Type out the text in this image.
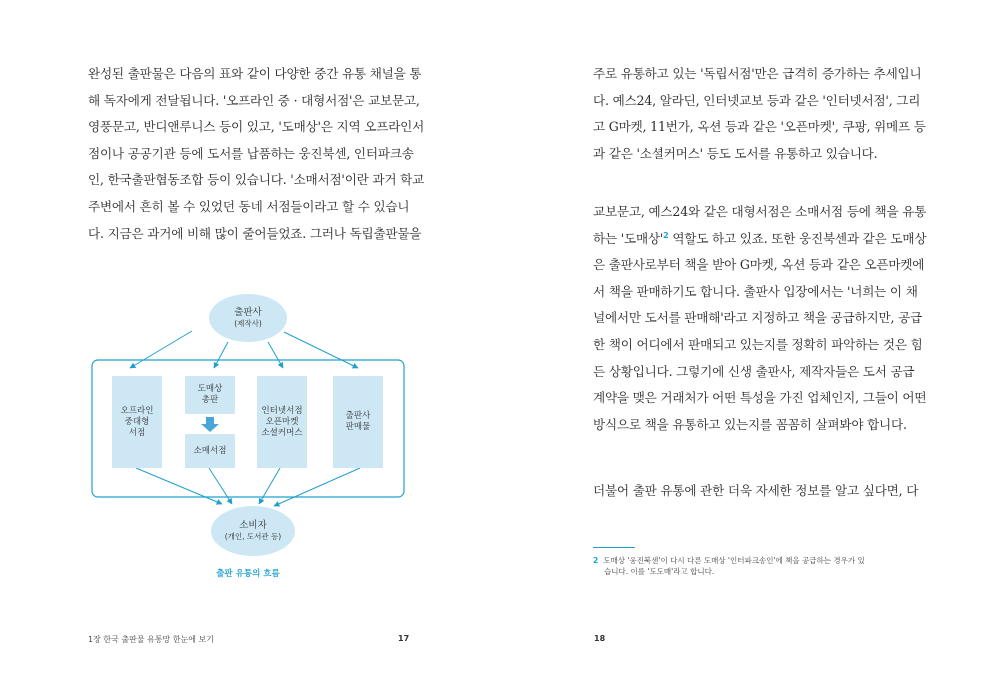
완성된 출판물은 다음의 표와 같이 다양한 중간 유통 채널을 통
해 독자에게 전달됩니다. '오프라인 중 · 대형서점'은 교보문고,
영풍문고, 반디앤루니스 등이 있고, '도매상'은 지역 오프라인서
점이나 공공기관 등에 도서를 납품하는 웅진북센, 인터파크송
인, 한국출판협동조합 등이 있습니다. '소매서점'이란 과거 학교
주변에서 흔히 볼 수 있었던 동네 서점들이라고 할 수 있습니
다. 지금은 과거에 비해 많이 줄어들었죠. 그러나 독립출판물을
출판사
(제작사)
오프라인
중대형
서점
도매상
총판
소매서점
인터넷서점
오픈마켓
소셜커머스
출판사
판매물
소비자
(개인, 도서관 등)
출판 유통의 흐름
1장 한국 출판물 유통망 한눈에 보기	17
주로 유통하고 있는 '독립서점'만은 급격히 증가하는 추세입니
다. 예스24, 알라딘, 인터넷교보 등과 같은 '인터넷서점', 그리
고 G마켓, 11번가, 옥션 등과 같은 '오픈마켓', 쿠팡, 위메프 등
과 같은 '소셜커머스' 등도 도서를 유통하고 있습니다.
교보문고, 예스24와 같은 대형서점은 소매서점 등에 책을 유통
하는 '도매상'$^2$ 역할도 하고 있죠. 또한 웅진북센과 같은 도매상
은 출판사로부터 책을 받아 G마켓, 옥션 등과 같은 오픈마켓에
서 책을 판매하기도 합니다. 출판사 입장에서는 '너희는 이 채
널에서만 도서를 판매해'라고 지정하고 책을 공급하지만, 공급
한 책이 어디에서 판매되고 있는지를 정확히 파악하는 것은 힘
든 상황입니다. 그렇기에 신생 출판사, 제작자들은 도서 공급
계약을 맺은 거래처가 어떤 특성을 가진 업체인지, 그들이 어떤
방식으로 책을 유통하고 있는지를 꼼꼼히 살펴봐야 합니다.
더불어 출판 유통에 관한 더욱 자세한 정보를 알고 싶다면, 다
2 도매상 '웅진북센'이 다시 다른 도매상 '인터파크송인'에 책을 공급하는 경우가 있
습니다. 이를 '도도매'라고 합니다.
18
